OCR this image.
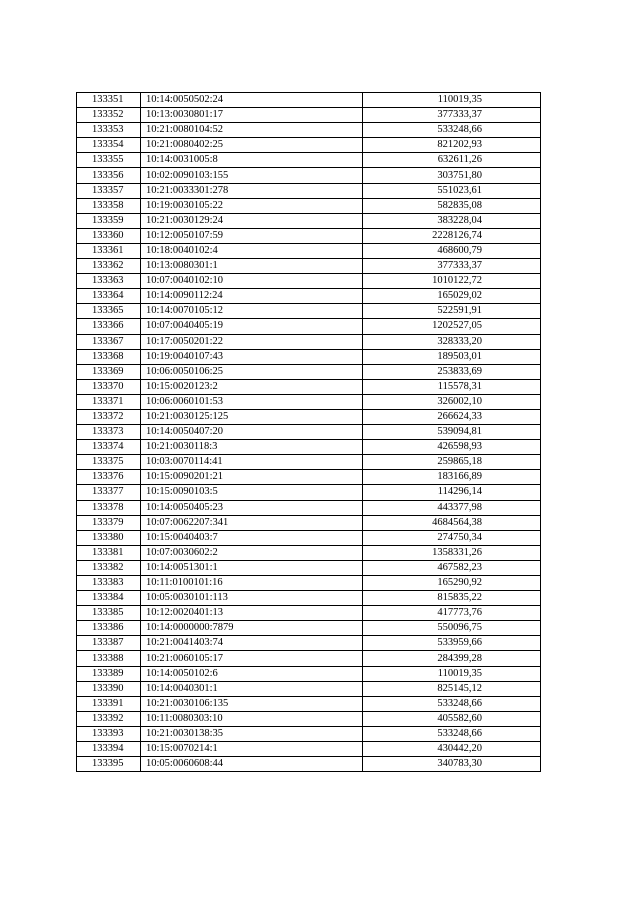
133351	10:14:0050502:24	110019,35
133352	10:13:0030801:17	377333,37
133353	10:21:0080104:52	533248,66
133354	10:21:0080402:25	821202,93
133355	10:14:0031005:8	632611,26
133356	10:02:0090103:155	303751,80
133357	10:21:0033301:278	551023,61
133358	10:19:0030105:22	582835,08
133359	10:21:0030129:24	383228,04
133360	10:12:0050107:59	2228126,74
133361	10:18:0040102:4	468600,79
133362	10:13:0080301:1	377333,37
133363	10:07:0040102:10	1010122,72
133364	10:14:0090112:24	165029,02
133365	10:14:0070105:12	522591,91
133366	10:07:0040405:19	1202527,05
133367	10:17:0050201:22	328333,20
133368	10:19:0040107:43	189503,01
133369	10:06:0050106:25	253833,69
133370	10:15:0020123:2	115578,31
133371	10:06:0060101:53	326002,10
133372	10:21:0030125:125	266624,33
133373	10:14:0050407:20	539094,81
133374	10:21:0030118:3	426598,93
133375	10:03:0070114:41	259865,18
133376	10:15:0090201:21	183166,89
133377	10:15:0090103:5	114296,14
133378	10:14:0050405:23	443377,98
133379	10:07:0062207:341	4684564,38
133380	10:15:0040403:7	274750,34
133381	10:07:0030602:2	1358331,26
133382	10:14:0051301:1	467582,23
133383	10:11:0100101:16	165290,92
133384	10:05:0030101:113	815835,22
133385	10:12:0020401:13	417773,76
133386	10:14:0000000:7879	550096,75
133387	10:21:0041403:74	533959,66
133388	10:21:0060105:17	284399,28
133389	10:14:0050102:6	110019,35
133390	10:14:0040301:1	825145,12
133391	10:21:0030106:135	533248,66
133392	10:11:0080303:10	405582,60
133393	10:21:0030138:35	533248,66
133394	10:15:0070214:1	430442,20
133395	10:05:0060608:44	340783,30
